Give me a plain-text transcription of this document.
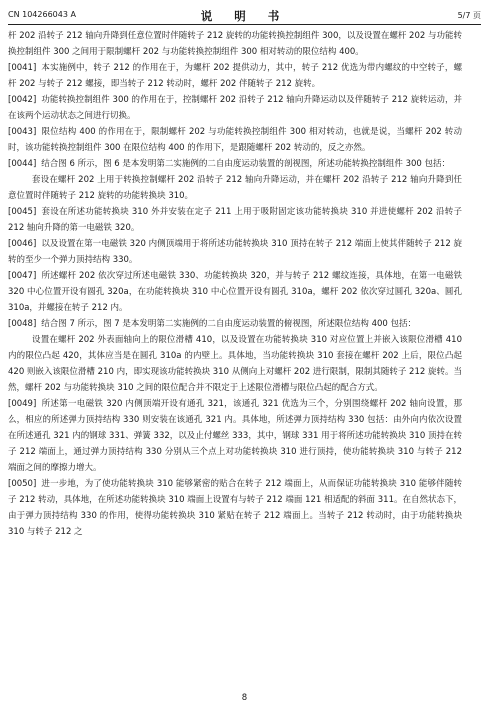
CN 104266043 A	说 明 书	5/7 页

杆 202 沿转子 212 轴向升降到任意位置时伴随转子 212 旋转的功能转换控制组件 300，以及设置在螺杆 202 与功能转换控制组件 300 之间用于限制螺杆 202 与功能转换控制组件 300 相对转动的限位结构 400。

[0041] 本实施例中，转子 212 的作用在于，为螺杆 202 提供动力，其中，转子 212 优选为带内螺纹的中空转子，螺杆 202 与转子 212 螺接，即当转子 212 转动时，螺杆 202 伴随转子 212 旋转。

[0042] 功能转换控制组件 300 的作用在于，控制螺杆 202 沿转子 212 轴向升降运动以及伴随转子 212 旋转运动，并在该两个运动状态之间进行切换。

[0043] 限位结构 400 的作用在于，限制螺杆 202 与功能转换控制组件 300 相对转动，也就是说，当螺杆 202 转动时，该功能转换控制组件 300 在限位结构 400 的作用下，是跟随螺杆 202 转动的，反之亦然。

[0044] 结合图 6 所示，图 6 是本发明第二实施例的二自由度运动装置的剖视图，所述功能转换控制组件 300 包括：

套设在螺杆 202 上用于转换控制螺杆 202 沿转子 212 轴向升降运动，并在螺杆 202 沿转子 212 轴向升降到任意位置时伴随转子 212 旋转的功能转换块 310。

[0045] 套设在所述功能转换块 310 外并安装在定子 211 上用于吸附固定该功能转换块 310 并进使螺杆 202 沿转子 212 轴向升降的第一电磁铁 320。

[0046] 以及设置在第一电磁铁 320 内侧顶端用于将所述功能转换块 310 顶持在转子 212 端面上使其伴随转子 212 旋转的至少一个弹力顶持结构 330。

[0047] 所述螺杆 202 依次穿过所述电磁铁 330、功能转换块 320，并与转子 212 螺纹连接，具体地，在第一电磁铁 320 中心位置开设有圆孔 320a，在功能转换块 310 中心位置开设有圆孔 310a，螺杆 202 依次穿过圆孔 320a、圆孔 310a，并螺接在转子 212 内。

[0048] 结合图 7 所示，图 7 是本发明第二实施例的二自由度运动装置的俯视图，所述限位结构 400 包括：

设置在螺杆 202 外表面轴向上的限位滑槽 410，以及设置在功能转换块 310 对应位置上并嵌入该限位滑槽 410 内的限位凸起 420，其体应当是在圆孔 310a 的内壁上。具体地，当功能转换块 310 套接在螺杆 202 上后，限位凸起 420 则嵌入该限位滑槽 210 内，即实现该功能转换块 310 从侧向上对螺杆 202 进行限制，限制其随转子 212 旋转。当然，螺杆 202 与功能转换块 310 之间的限位配合并不限定于上述限位滑槽与限位凸起的配合方式。

[0049] 所述第一电磁铁 320 内侧顶端开设有通孔 321，该通孔 321 优选为三个，分别围绕螺杆 202 轴向设置，那么，相应的所述弹力顶持结构 330 则安装在该通孔 321 内。具体地，所述弹力顶持结构 330 包括：由外向内依次设置在所述通孔 321 内的钢球 331、弹簧 332，以及止付螺丝 333，其中，钢球 331 用于将所述功能转换块 310 顶持在转子 212 端面上，通过弹力顶持结构 330 分别从三个点上对功能转换块 310 进行顶持，使功能转换块 310 与转子 212 端面之间的摩擦力增大。

[0050] 进一步地，为了使功能转换块 310 能够紧密的贴合在转子 212 端面上，从而保证功能转换块 310 能够伴随转子 212 转动，具体地，在所述功能转换块 310 端面上设置有与转子 212 端面 121 相适配的斜面 311。在自然状态下，由于弹力顶持结构 330 的作用，使得功能转换块 310 紧贴在转子 212 端面上。当转子 212 转动时，由于功能转换块 310 与转子 212 之

8
